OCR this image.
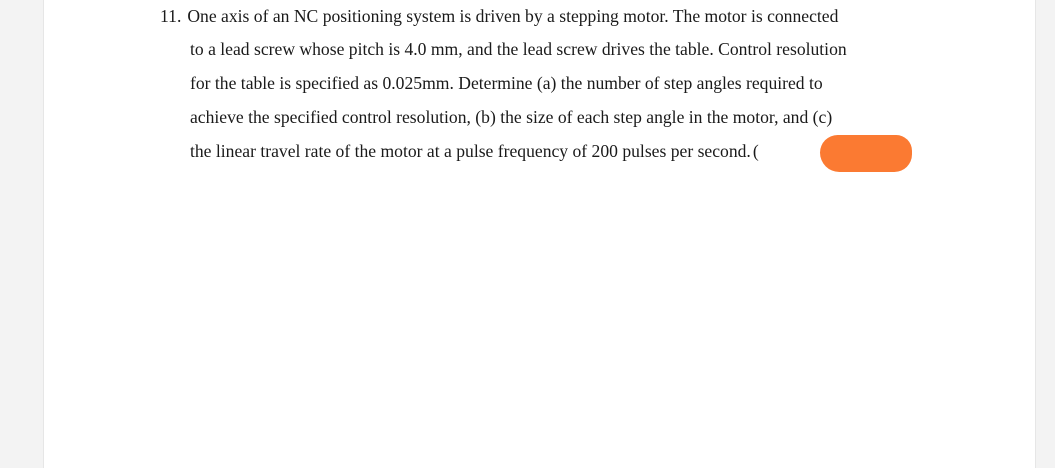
11. One axis of an NC positioning system is driven by a stepping motor. The motor is connected
to a lead screw whose pitch is 4.0 mm, and the lead screw drives the table. Control resolution
for the table is specified as 0.025mm. Determine (a) the number of step angles required to
achieve the specified control resolution, (b) the size of each step angle in the motor, and (c)
the linear travel rate of the motor at a pulse frequency of 200 pulses per second. (
